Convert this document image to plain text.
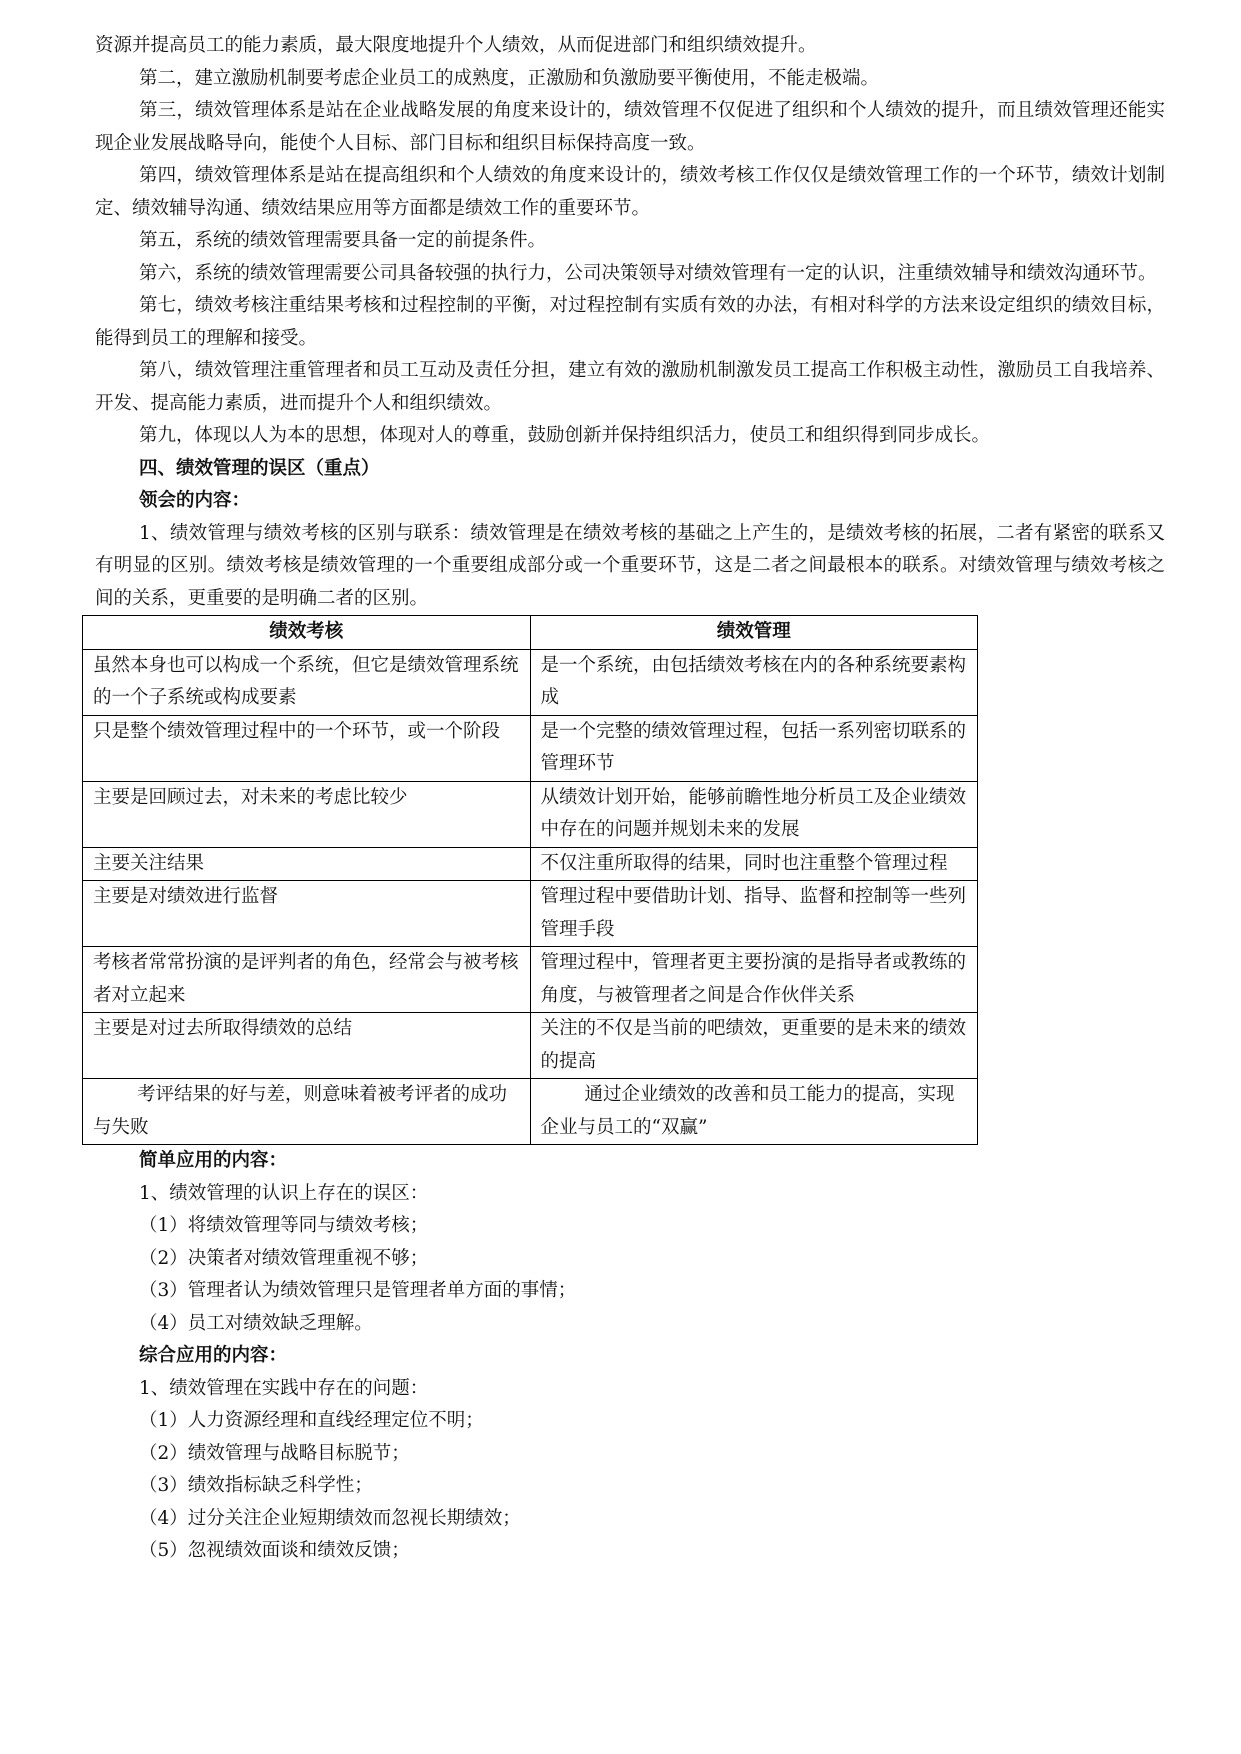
资源并提高员工的能力素质，最大限度地提升个人绩效，从而促进部门和组织绩效提升。

第二，建立激励机制要考虑企业员工的成熟度，正激励和负激励要平衡使用，不能走极端。

第三，绩效管理体系是站在企业战略发展的角度来设计的，绩效管理不仅促进了组织和个人绩效的提升，而且绩效管理还能实现企业发展战略导向，能使个人目标、部门目标和组织目标保持高度一致。

第四，绩效管理体系是站在提高组织和个人绩效的角度来设计的，绩效考核工作仅仅是绩效管理工作的一个环节，绩效计划制定、绩效辅导沟通、绩效结果应用等方面都是绩效工作的重要环节。

第五，系统的绩效管理需要具备一定的前提条件。

第六，系统的绩效管理需要公司具备较强的执行力，公司决策领导对绩效管理有一定的认识，注重绩效辅导和绩效沟通环节。

第七，绩效考核注重结果考核和过程控制的平衡，对过程控制有实质有效的办法，有相对科学的方法来设定组织的绩效目标，能得到员工的理解和接受。

第八，绩效管理注重管理者和员工互动及责任分担，建立有效的激励机制激发员工提高工作积极主动性，激励员工自我培养、开发、提高能力素质，进而提升个人和组织绩效。

第九，体现以人为本的思想，体现对人的尊重，鼓励创新并保持组织活力，使员工和组织得到同步成长。

四、绩效管理的误区（重点）

领会的内容：

1、绩效管理与绩效考核的区别与联系：绩效管理是在绩效考核的基础之上产生的，是绩效考核的拓展，二者有紧密的联系又有明显的区别。绩效考核是绩效管理的一个重要组成部分或一个重要环节，这是二者之间最根本的联系。对绩效管理与绩效考核之间的关系，更重要的是明确二者的区别。

绩效考核	绩效管理
虽然本身也可以构成一个系统，但它是绩效管理系统的一个子系统或构成要素	是一个系统，由包括绩效考核在内的各种系统要素构成
只是整个绩效管理过程中的一个环节，或一个阶段	是一个完整的绩效管理过程，包括一系列密切联系的管理环节
主要是回顾过去，对未来的考虑比较少	从绩效计划开始，能够前瞻性地分析员工及企业绩效中存在的问题并规划未来的发展
主要关注结果	不仅注重所取得的结果，同时也注重整个管理过程
主要是对绩效进行监督	管理过程中要借助计划、指导、监督和控制等一些列管理手段
考核者常常扮演的是评判者的角色，经常会与被考核者对立起来	管理过程中，管理者更主要扮演的是指导者或教练的角度，与被管理者之间是合作伙伴关系
主要是对过去所取得绩效的总结	关注的不仅是当前的吧绩效，更重要的是未来的绩效的提高
考评结果的好与差，则意味着被考评者的成功与失败	通过企业绩效的改善和员工能力的提高，实现企业与员工的“双赢”

简单应用的内容：

1、绩效管理的认识上存在的误区：

（1）将绩效管理等同与绩效考核；

（2）决策者对绩效管理重视不够；

（3）管理者认为绩效管理只是管理者单方面的事情；

（4）员工对绩效缺乏理解。

综合应用的内容：

1、绩效管理在实践中存在的问题：

（1）人力资源经理和直线经理定位不明；

（2）绩效管理与战略目标脱节；

（3）绩效指标缺乏科学性；

（4）过分关注企业短期绩效而忽视长期绩效；

（5）忽视绩效面谈和绩效反馈；
